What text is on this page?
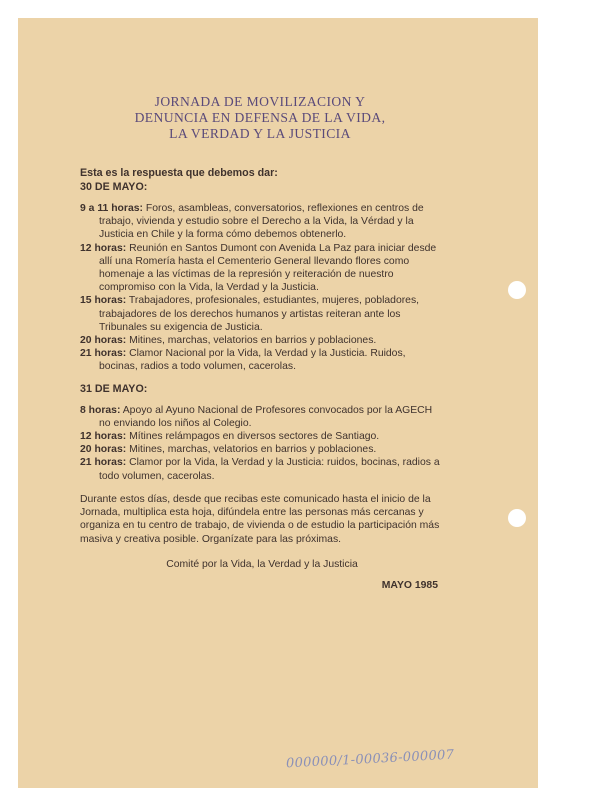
JORNADA DE MOVILIZACION Y
DENUNCIA EN DEFENSA DE LA VIDA,
LA VERDAD Y LA JUSTICIA
Esta es la respuesta que debemos dar:
30 DE MAYO:
9 a 11 horas: Foros, asambleas, conversatorios, reflexiones en centros de trabajo, vivienda y estudio sobre el Derecho a la Vida, la Vérdad y la Justicia en Chile y la forma cómo debemos obtenerlo.
12 horas: Reunión en Santos Dumont con Avenida La Paz para iniciar desde allí una Romería hasta el Cementerio General llevando flores como homenaje a las víctimas de la represión y reiteración de nuestro compromiso con la Vida, la Verdad y la Justicia.
15 horas: Trabajadores, profesionales, estudiantes, mujeres, pobladores, trabajadores de los derechos humanos y artistas reiteran ante los Tribunales su exigencia de Justicia.
20 horas: Mitines, marchas, velatorios en barrios y poblaciones.
21 horas: Clamor Nacional por la Vida, la Verdad y la Justicia. Ruidos, bocinas, radios a todo volumen, cacerolas.
31 DE MAYO:
8 horas: Apoyo al Ayuno Nacional de Profesores convocados por la AGECH no enviando los niños al Colegio.
12 horas: Mítines relámpagos en diversos sectores de Santiago.
20 horas: Mitines, marchas, velatorios en barrios y poblaciones.
21 horas: Clamor por la Vida, la Verdad y la Justicia: ruidos, bocinas, radios a todo volumen, cacerolas.
Durante estos días, desde que recibas este comunicado hasta el inicio de la Jornada, multiplica esta hoja, difúndela entre las personas más cercanas y organiza en tu centro de trabajo, de vivienda o de estudio la participación más masiva y creativa posible. Organízate para las próximas.
Comité por la Vida, la Verdad y la Justicia
MAYO 1985
000000/1-00036-000007
